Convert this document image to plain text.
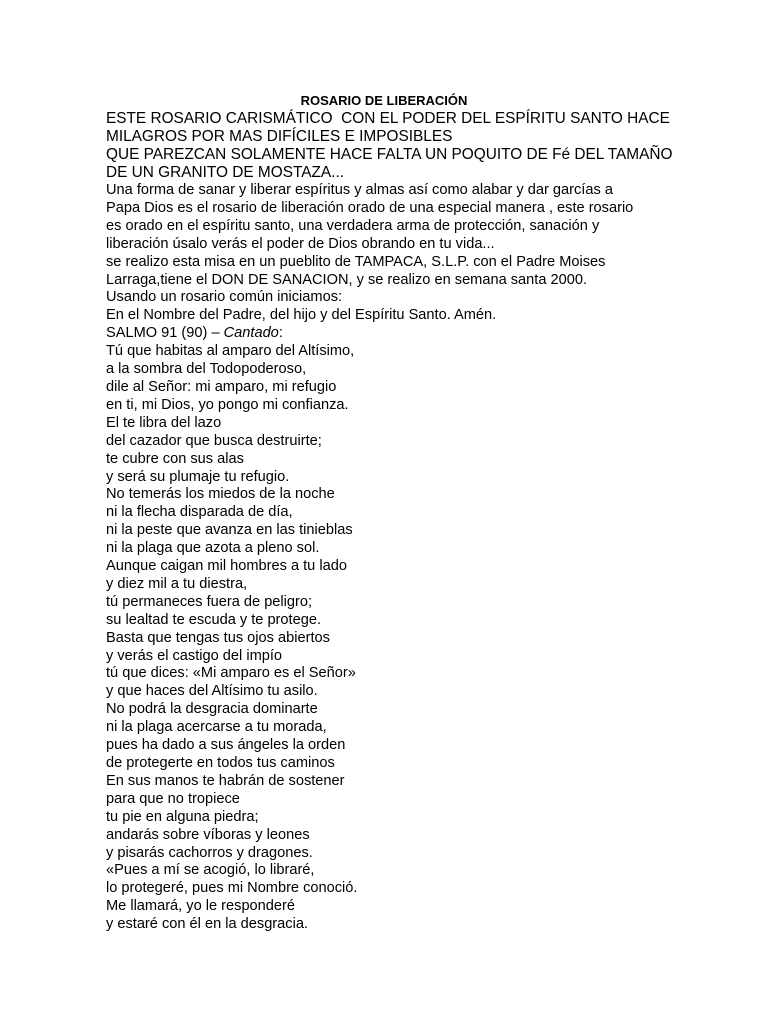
ROSARIO DE LIBERACIÓN

ESTE ROSARIO CARISMÁTICO  CON EL PODER DEL ESPÍRITU SANTO HACE

MILAGROS POR MAS DIFÍCILES E IMPOSIBLES

QUE PAREZCAN SOLAMENTE HACE FALTA UN POQUITO DE Fé DEL TAMAÑO

DE UN GRANITO DE MOSTAZA...

Una forma de sanar y liberar espíritus y almas así como alabar y dar garcías a

Papa Dios es el rosario de liberación orado de una especial manera , este rosario

es orado en el espíritu santo, una verdadera arma de protección, sanación y

liberación úsalo verás el poder de Dios obrando en tu vida...

se realizo esta misa en un pueblito de TAMPACA, S.L.P. con el Padre Moises

Larraga,tiene el DON DE SANACION, y se realizo en semana santa 2000.

Usando un rosario común iniciamos:

En el Nombre del Padre, del hijo y del Espíritu Santo. Amén.

SALMO 91 (90) – Cantado:

Tú que habitas al amparo del Altísimo,

a la sombra del Todopoderoso,

dile al Señor: mi amparo, mi refugio

en ti, mi Dios, yo pongo mi confianza.

El te libra del lazo

del cazador que busca destruirte;

te cubre con sus alas

y será su plumaje tu refugio.

No temerás los miedos de la noche

ni la flecha disparada de día,

ni la peste que avanza en las tinieblas

ni la plaga que azota a pleno sol.

Aunque caigan mil hombres a tu lado

y diez mil a tu diestra,

tú permaneces fuera de peligro;

su lealtad te escuda y te protege.

Basta que tengas tus ojos abiertos

y verás el castigo del impío

tú que dices: «Mi amparo es el Señor»

y que haces del Altísimo tu asilo.

No podrá la desgracia dominarte

ni la plaga acercarse a tu morada,

pues ha dado a sus ángeles la orden

de protegerte en todos tus caminos

En sus manos te habrán de sostener

para que no tropiece

tu pie en alguna piedra;

andarás sobre víboras y leones

y pisarás cachorros y dragones.

«Pues a mí se acogió, lo libraré,

lo protegeré, pues mi Nombre conoció.

Me llamará, yo le responderé

y estaré con él en la desgracia.
